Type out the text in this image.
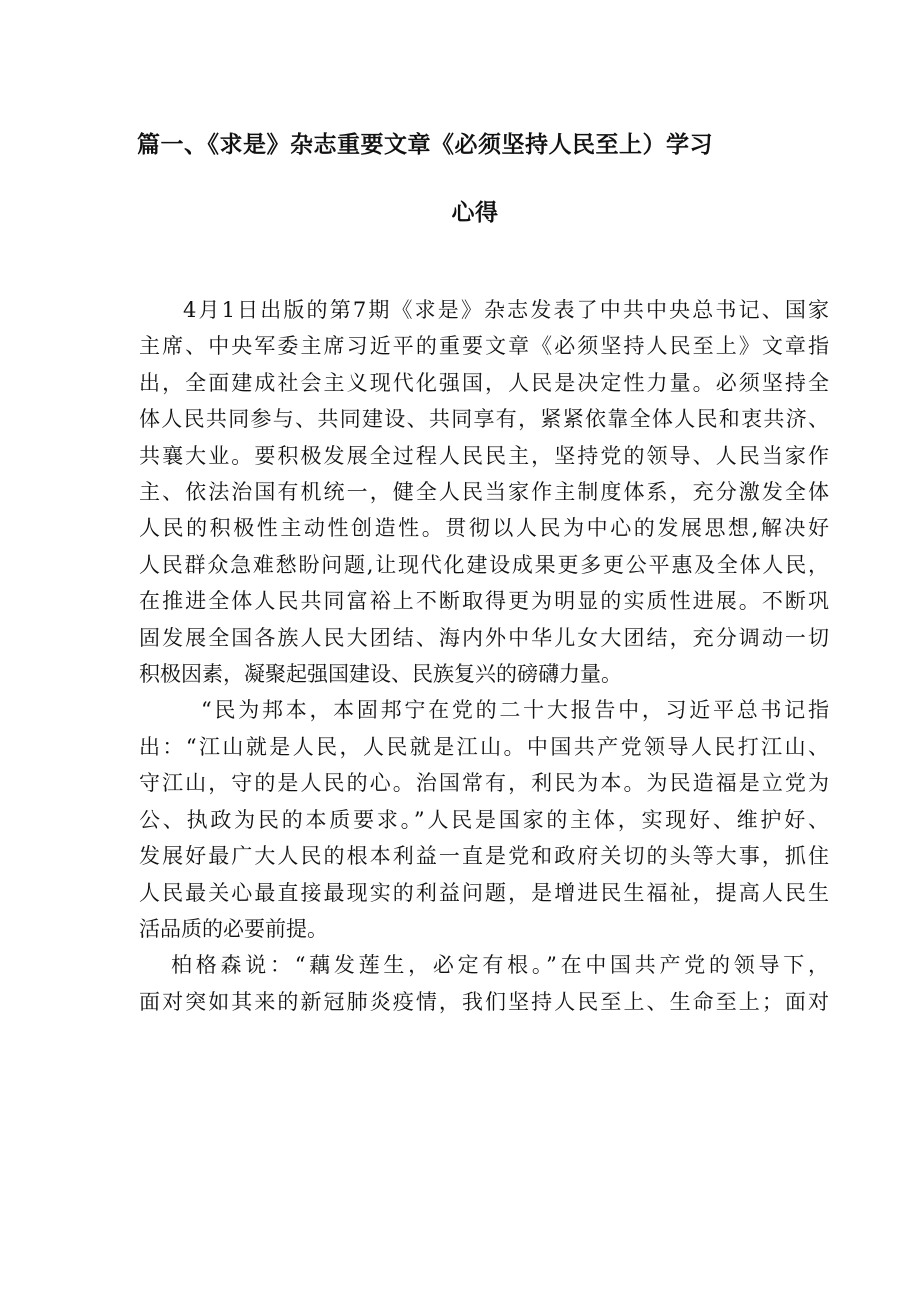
篇一、《求是》杂志重要文章《必须坚持人民至上）学习
心得

4月1日出版的第7期《求是》杂志发表了中共中央总书记、国家
主席、中央军委主席习近平的重要文章《必须坚持人民至上》文章指
出，全面建成社会主义现代化强国，人民是决定性力量。必须坚持全
体人民共同参与、共同建设、共同享有，紧紧依靠全体人民和衷共济、
共襄大业。要积极发展全过程人民民主，坚持党的领导、人民当家作
主、依法治国有机统一，健全人民当家作主制度体系，充分激发全体
人民的积极性主动性创造性。贯彻以人民为中心的发展思想,解决好
人民群众急难愁盼问题,让现代化建设成果更多更公平惠及全体人民，
在推进全体人民共同富裕上不断取得更为明显的实质性进展。不断巩
固发展全国各族人民大团结、海内外中华儿女大团结，充分调动一切
积极因素，凝聚起强国建设、民族复兴的磅礴力量。

“民为邦本，本固邦宁在党的二十大报告中，习近平总书记指
出：“江山就是人民，人民就是江山。中国共产党领导人民打江山、
守江山，守的是人民的心。治国常有，利民为本。为民造福是立党为
公、执政为民的本质要求。”人民是国家的主体，实现好、维护好、
发展好最广大人民的根本利益一直是党和政府关切的头等大事，抓住
人民最关心最直接最现实的利益问题，是增进民生福祉，提高人民生
活品质的必要前提。

柏格森说：“藕发莲生，必定有根。”在中国共产党的领导下，
面对突如其来的新冠肺炎疫情，我们坚持人民至上、生命至上；面对
